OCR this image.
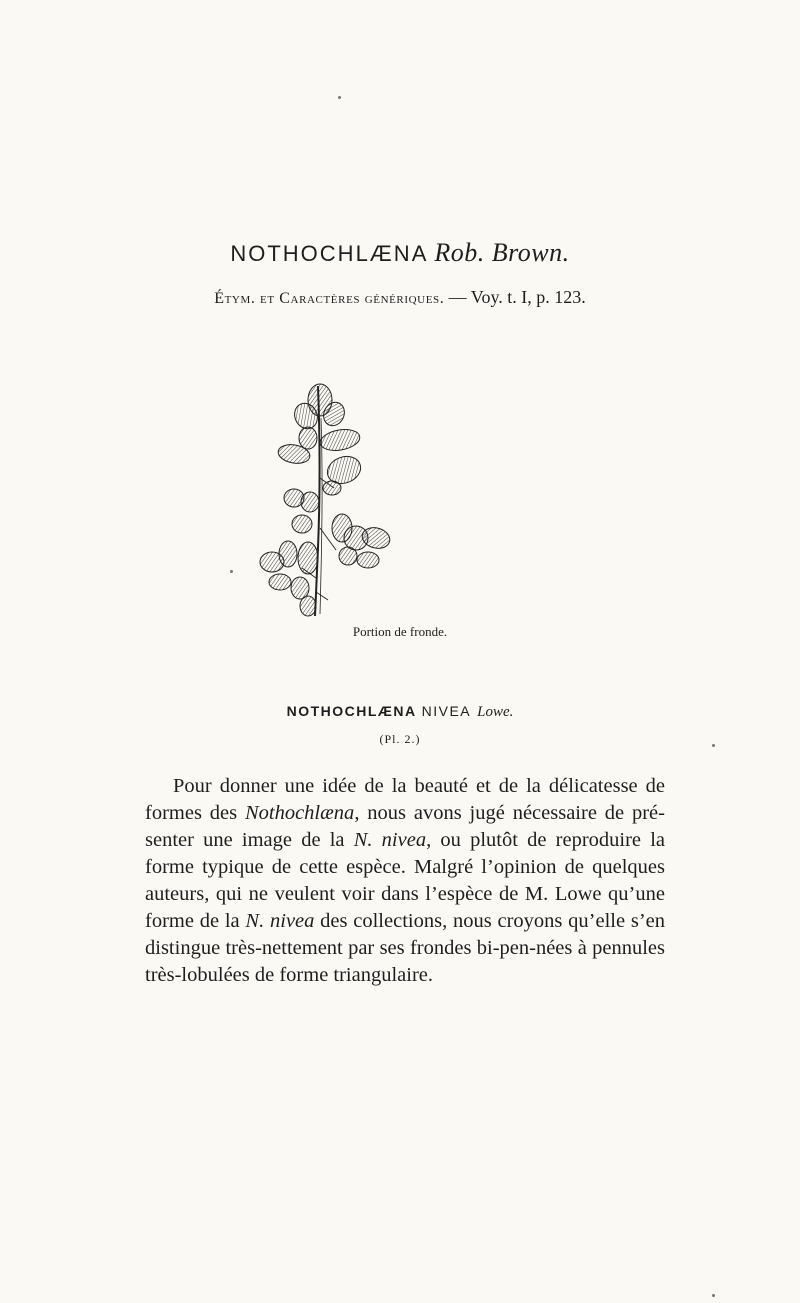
NOTHOCHLÆNA Rob. Brown.
Étym. et Caractères génériques. — Voy. t. I, p. 123.
Portion de fronde.
NOTHOCHLÆNA NIVEA Lowe.
(Pl. 2.)

Pour donner une idée de la beauté et de la délicatesse de formes des Nothochlæna, nous avons jugé nécessaire de pré-senter une image de la N. nivea, ou plutôt de reproduire la forme typique de cette espèce. Malgré l’opinion de quelques auteurs, qui ne veulent voir dans l’espèce de M. Lowe qu’une forme de la N. nivea des collections, nous croyons qu’elle s’en distingue très-nettement par ses frondes bi-pen-nées à pennules très-lobulées de forme triangulaire.
